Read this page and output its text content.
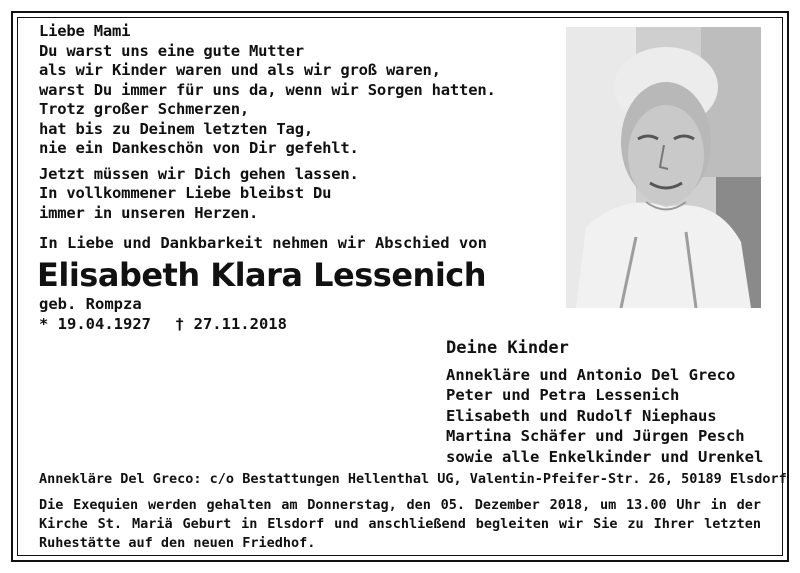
Liebe Mami
Du warst uns eine gute Mutter
als wir Kinder waren und als wir groß waren,
warst Du immer für uns da, wenn wir Sorgen hatten.
Trotz großer Schmerzen,
hat bis zu Deinem letzten Tag,
nie ein Dankeschön von Dir gefehlt.
Jetzt müssen wir Dich gehen lassen.
In vollkommener Liebe bleibst Du
immer in unseren Herzen.
In Liebe und Dankbarkeit nehmen wir Abschied von
Elisabeth Klara Lessenich
geb. Rompza
* 19.04.1927 † 27.11.2018
Deine Kinder
Annekläre und Antonio Del Greco
Peter und Petra Lessenich
Elisabeth und Rudolf Niephaus
Martina Schäfer und Jürgen Pesch
sowie alle Enkelkinder und Urenkel
Annekläre Del Greco: c/o Bestattungen Hellenthal UG, Valentin-Pfeifer-Str. 26, 50189 Elsdorf
Die Exequien werden gehalten am Donnerstag, den 05. Dezember 2018, um 13.00 Uhr in der Kirche St. Mariä Geburt in Elsdorf und anschließend begleiten wir Sie zu Ihrer letzten Ruhestätte auf den neuen Friedhof.
